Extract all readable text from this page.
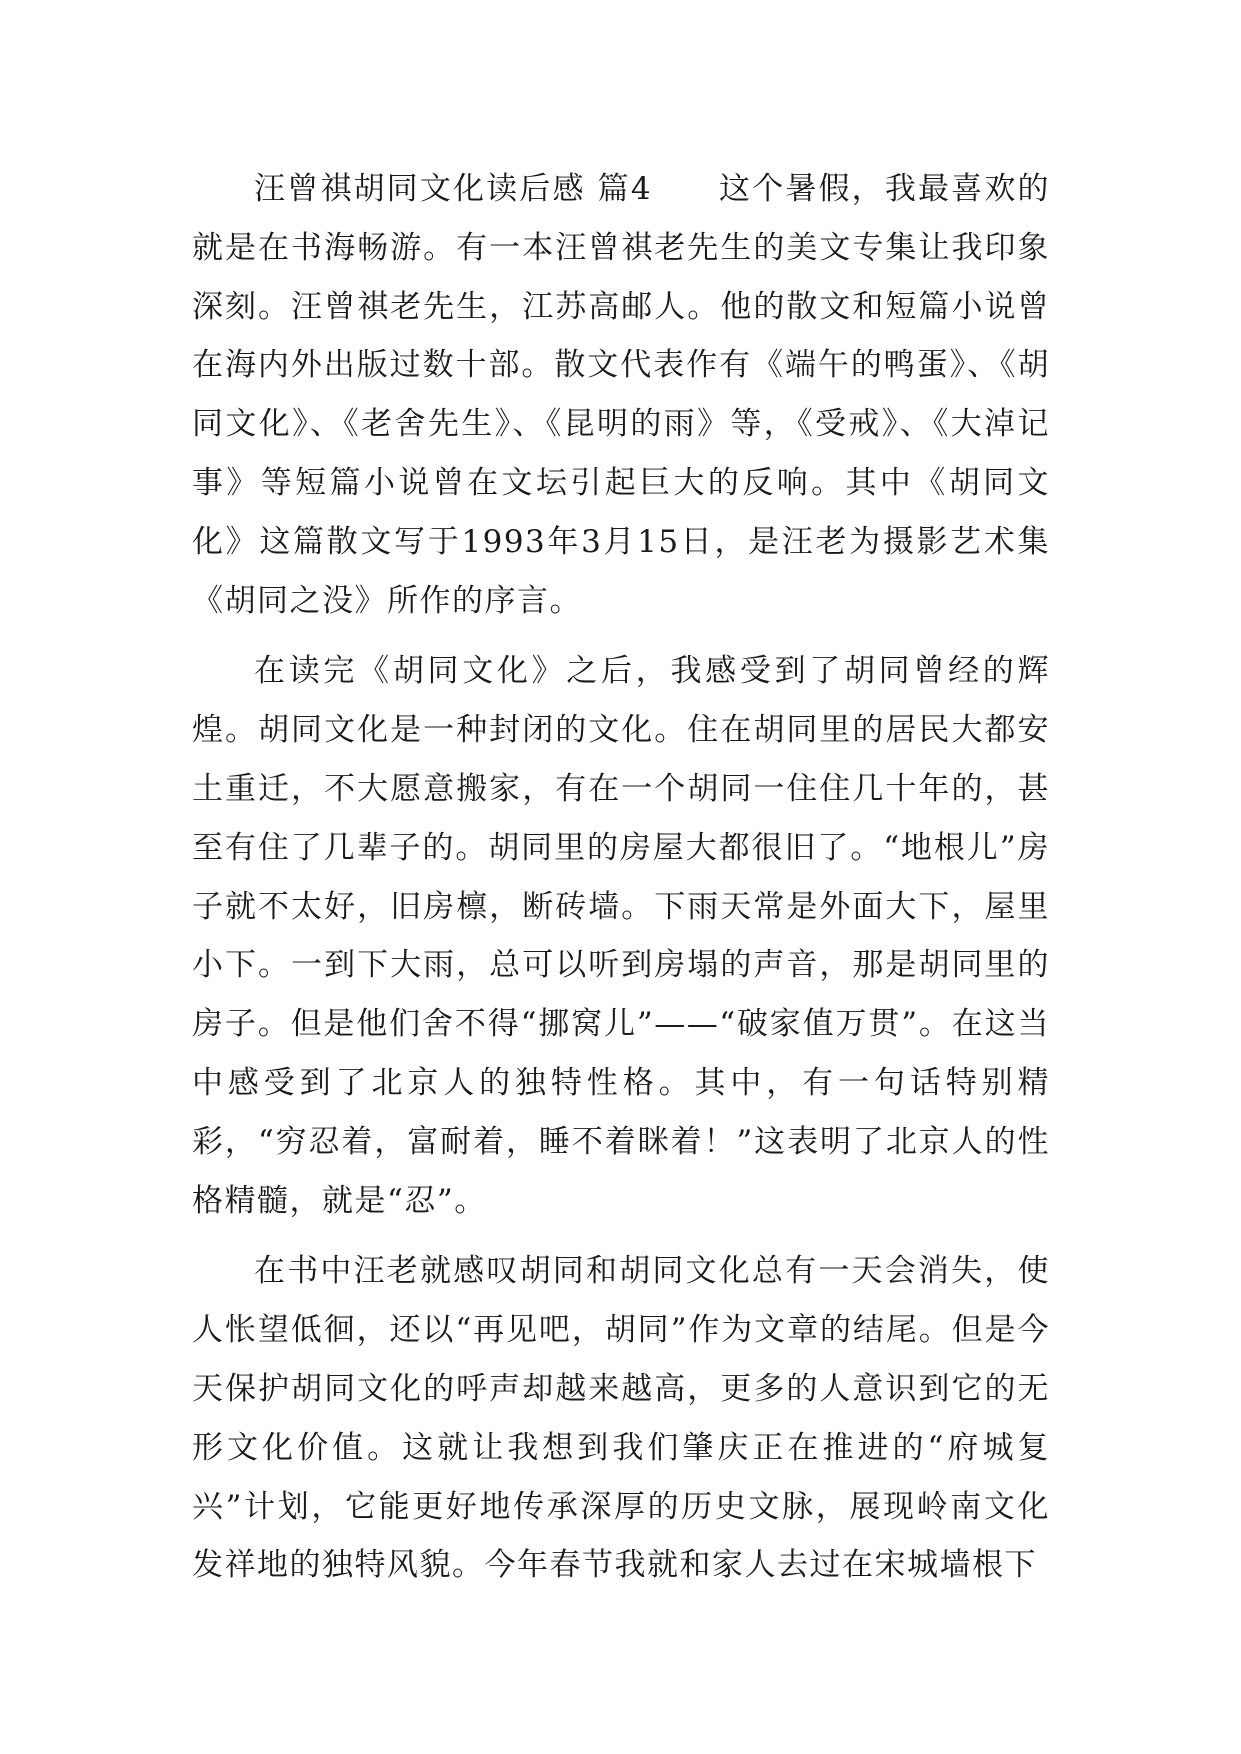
汪曾祺胡同文化读后感 篇4　　这个暑假，我最喜欢的就是在书海畅游。有一本汪曾祺老先生的美文专集让我印象深刻。汪曾祺老先生，江苏高邮人。他的散文和短篇小说曾在海内外出版过数十部。散文代表作有《端午的鸭蛋》、《胡同文化》、《老舍先生》、《昆明的雨》等，《受戒》、《大淖记事》等短篇小说曾在文坛引起巨大的反响。其中《胡同文化》这篇散文写于1993年3月15日，是汪老为摄影艺术集《胡同之没》所作的序言。

在读完《胡同文化》之后，我感受到了胡同曾经的辉煌。胡同文化是一种封闭的文化。住在胡同里的居民大都安土重迁，不大愿意搬家，有在一个胡同一住住几十年的，甚至有住了几辈子的。胡同里的房屋大都很旧了。“地根儿”房子就不太好，旧房檩，断砖墙。下雨天常是外面大下，屋里小下。一到下大雨，总可以听到房塌的声音，那是胡同里的房子。但是他们舍不得“挪窝儿”——“破家值万贯”。在这当中感受到了北京人的独特性格。其中，有一句话特别精彩，“穷忍着，富耐着，睡不着眯着！”这表明了北京人的性格精髓，就是“忍”。

在书中汪老就感叹胡同和胡同文化总有一天会消失，使人怅望低徊，还以“再见吧，胡同”作为文章的结尾。但是今天保护胡同文化的呼声却越来越高，更多的人意识到它的无形文化价值。这就让我想到我们肇庆正在推进的“府城复兴”计划，它能更好地传承深厚的历史文脉，展现岭南文化发祥地的独特风貌。今年春节我就和家人去过在宋城墙根下
